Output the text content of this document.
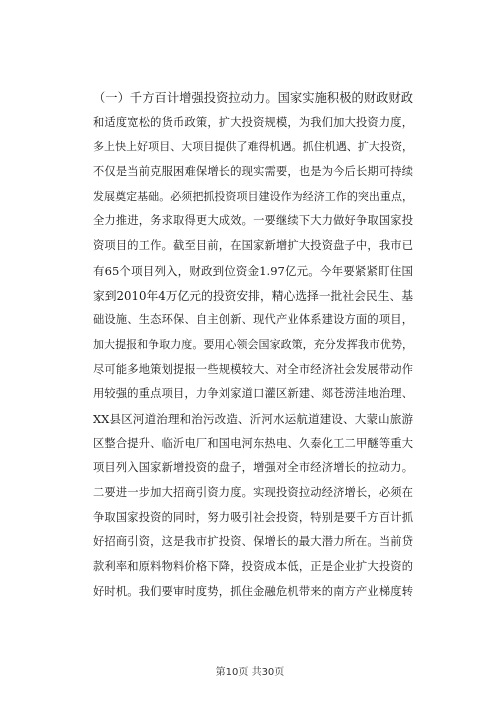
（一）千方百计增强投资拉动力。国家实施积极的财政财政
和适度宽松的货币政策，扩大投资规模，为我们加大投资力度，
多上快上好项目、大项目提供了难得机遇。抓住机遇、扩大投资，
不仅是当前克服困难保增长的现实需要，也是为今后长期可持续
发展奠定基础。必须把抓投资项目建设作为经济工作的突出重点，
全力推进，务求取得更大成效。一要继续下大力做好争取国家投
资项目的工作。截至目前，在国家新增扩大投资盘子中，我市已
有65个项目列入，财政到位资金1.97亿元。今年要紧紧盯住国
家到2010年4万亿元的投资安排，精心选择一批社会民生、基
础设施、生态环保、自主创新、现代产业体系建设方面的项目，
加大提报和争取力度。要用心领会国家政策，充分发挥我市优势，
尽可能多地策划提报一些规模较大、对全市经济社会发展带动作
用较强的重点项目，力争刘家道口灌区新建、郯苍涝洼地治理、
XX县区河道治理和治污改造、沂河水运航道建设、大蒙山旅游
区整合提升、临沂电厂和国电河东热电、久泰化工二甲醚等重大
项目列入国家新增投资的盘子，增强对全市经济增长的拉动力。
二要进一步加大招商引资力度。实现投资拉动经济增长，必须在
争取国家投资的同时，努力吸引社会投资，特别是要千方百计抓
好招商引资，这是我市扩投资、保增长的最大潜力所在。当前贷
款利率和原料物料价格下降，投资成本低，正是企业扩大投资的
好时机。我们要审时度势，抓住金融危机带来的南方产业梯度转
第10页 共30页
